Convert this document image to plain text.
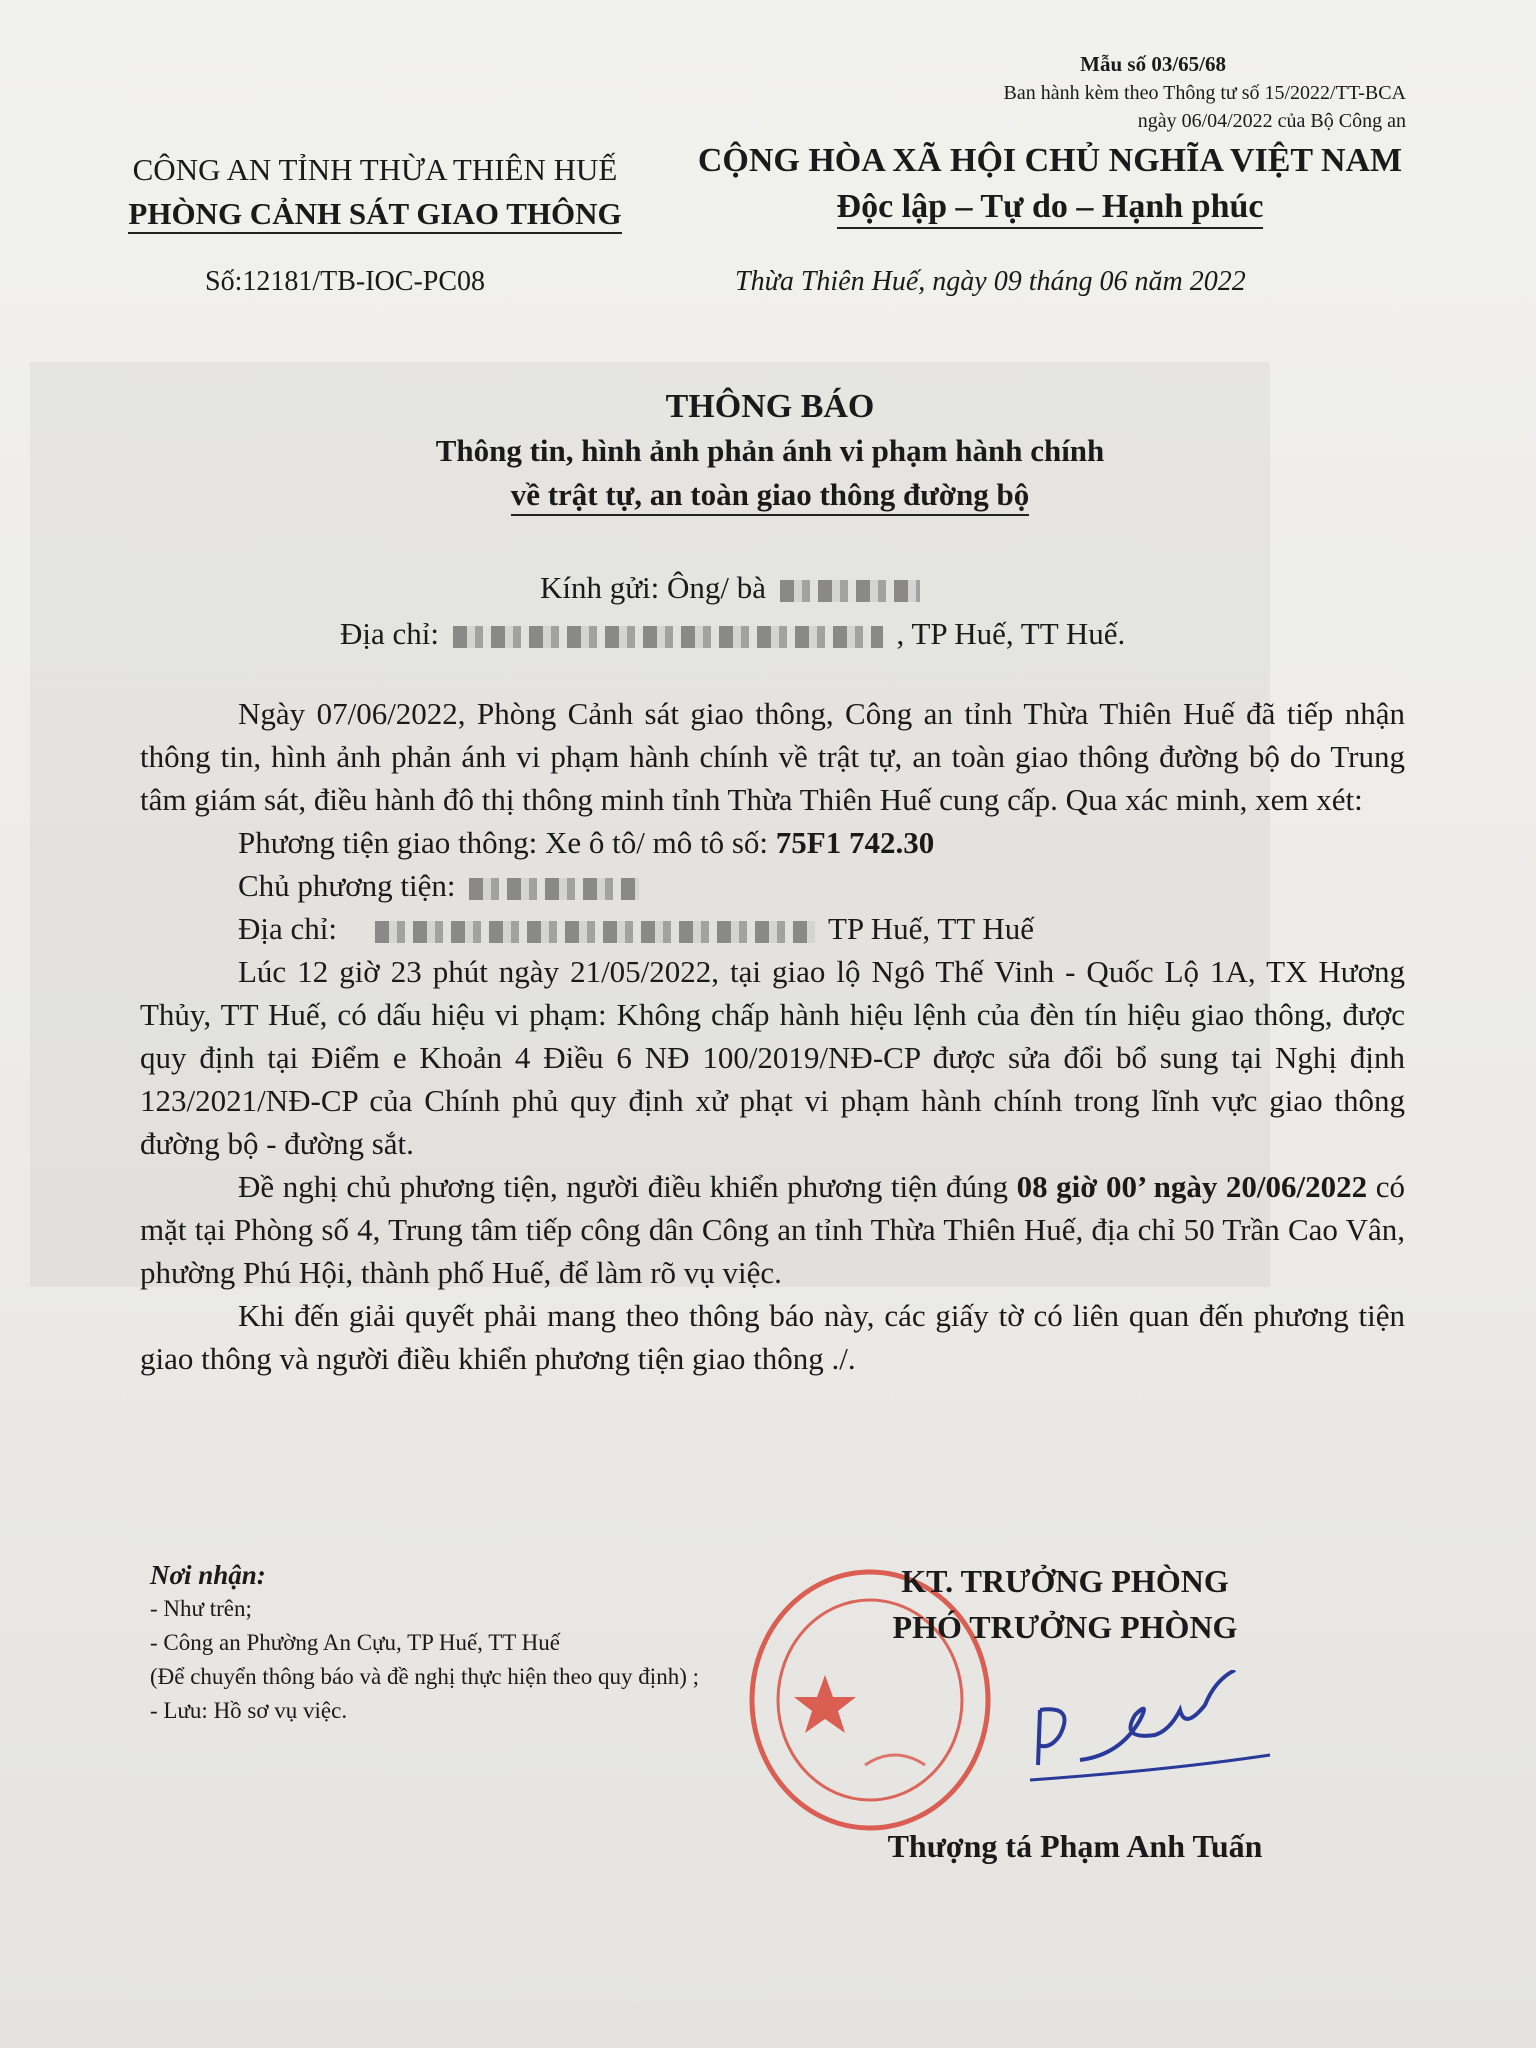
Mẫu số 03/65/68
Ban hành kèm theo Thông tư số 15/2022/TT-BCA
ngày 06/04/2022 của Bộ Công an
CÔNG AN TỈNH THỪA THIÊN HUẾ
PHÒNG CẢNH SÁT GIAO THÔNG
CỘNG HÒA XÃ HỘI CHỦ NGHĨA VIỆT NAM
Độc lập – Tự do – Hạnh phúc
Số:12181/TB-IOC-PC08	Thừa Thiên Huế, ngày 09 tháng 06 năm 2022
THÔNG BÁO
Thông tin, hình ảnh phản ánh vi phạm hành chính
về trật tự, an toàn giao thông đường bộ
Kính gửi: Ông/ bà
Địa chỉ:	, TP Huế, TT Huế.

Ngày 07/06/2022, Phòng Cảnh sát giao thông, Công an tỉnh Thừa Thiên Huế đã tiếp nhận thông tin, hình ảnh phản ánh vi phạm hành chính về trật tự, an toàn giao thông đường bộ do Trung tâm giám sát, điều hành đô thị thông minh tỉnh Thừa Thiên Huế cung cấp. Qua xác minh, xem xét:

Phương tiện giao thông: Xe ô tô/ mô tô số: 75F1 742.30

Chủ phương tiện:

Địa chỉ:	TP Huế, TT Huế

Lúc 12 giờ 23 phút ngày 21/05/2022, tại giao lộ Ngô Thế Vinh - Quốc Lộ 1A, TX Hương Thủy, TT Huế, có dấu hiệu vi phạm: Không chấp hành hiệu lệnh của đèn tín hiệu giao thông, được quy định tại Điểm e Khoản 4 Điều 6 NĐ 100/2019/NĐ-CP được sửa đổi bổ sung tại Nghị định 123/2021/NĐ-CP của Chính phủ quy định xử phạt vi phạm hành chính trong lĩnh vực giao thông đường bộ - đường sắt.

Đề nghị chủ phương tiện, người điều khiển phương tiện đúng 08 giờ 00’ ngày 20/06/2022 có mặt tại Phòng số 4, Trung tâm tiếp công dân Công an tỉnh Thừa Thiên Huế, địa chỉ 50 Trần Cao Vân, phường Phú Hội, thành phố Huế, để làm rõ vụ việc.

Khi đến giải quyết phải mang theo thông báo này, các giấy tờ có liên quan đến phương tiện giao thông và người điều khiển phương tiện giao thông ./.

Nơi nhận:
- Như trên;
- Công an Phường An Cựu, TP Huế, TT Huế
(Để chuyển thông báo và đề nghị thực hiện theo quy định) ;
- Lưu: Hồ sơ vụ việc.
KT. TRƯỞNG PHÒNG
PHÓ TRƯỞNG PHÒNG
Thượng tá Phạm Anh Tuấn
